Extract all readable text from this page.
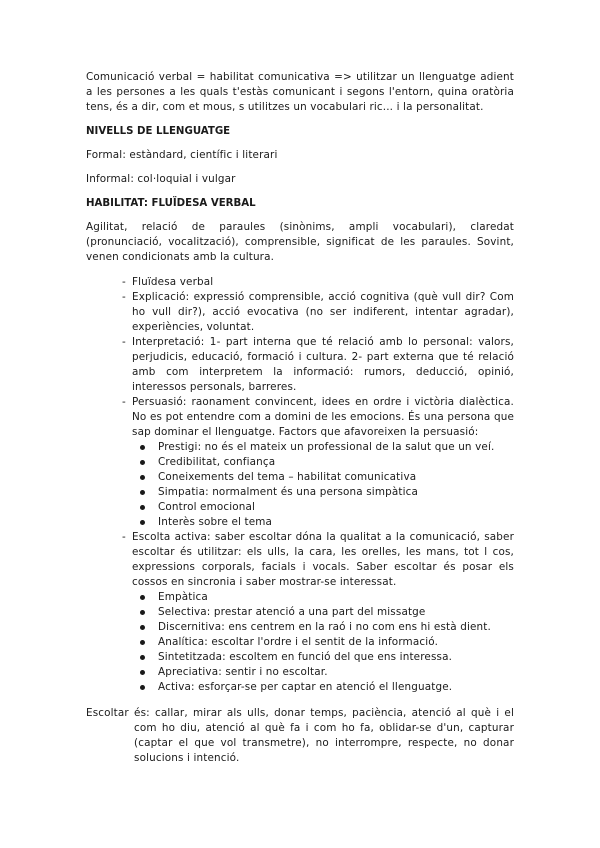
Comunicació verbal = habilitat comunicativa => utilitzar un llenguatge adient a les persones a les quals t'estàs comunicant i segons l'entorn, quina oratòria tens, és a dir, com et mous, s utilitzes un vocabulari ric... i la personalitat.

NIVELLS DE LLENGUATGE

Formal: estàndard, científic i literari

Informal: col·loquial i vulgar

HABILITAT: FLUÏDESA VERBAL

Agilitat, relació de paraules (sinònims, ampli vocabulari), claredat (pronunciació, vocalització), comprensible, significat de les paraules. Sovint, venen condicionats amb la cultura.

- Fluïdesa verbal
- Explicació: expressió comprensible, acció cognitiva (què vull dir? Com ho vull dir?), acció evocativa (no ser indiferent, intentar agradar), experiències, voluntat.
- Interpretació: 1- part interna que té relació amb lo personal: valors, perjudicis, educació, formació i cultura. 2- part externa que té relació amb com interpretem la informació: rumors, deducció, opinió, interessos personals, barreres.
- Persuasió: raonament convincent, idees en ordre i victòria dialèctica. No es pot entendre com a domini de les emocions. És una persona que sap dominar el llenguatge. Factors que afavoreixen la persuasió:
Prestigi: no és el mateix un professional de la salut que un veí.
Credibilitat, confiança
Coneixements del tema – habilitat comunicativa
Simpatia: normalment és una persona simpàtica
Control emocional
Interès sobre el tema
- Escolta activa: saber escoltar dóna la qualitat a la comunicació, saber escoltar és utilitzar: els ulls, la cara, les orelles, les mans, tot l cos, expressions corporals, facials i vocals. Saber escoltar és posar els cossos en sincronia i saber mostrar-se interessat.
Empàtica
Selectiva: prestar atenció a una part del missatge
Discernitiva: ens centrem en la raó i no com ens hi està dient.
Analítica: escoltar l'ordre i el sentit de la informació.
Sintetitzada: escoltem en funció del que ens interessa.
Apreciativa: sentir i no escoltar.
Activa: esforçar-se per captar en atenció el llenguatge.

Escoltar és: callar, mirar als ulls, donar temps, paciència, atenció al què i el com ho diu, atenció al què fa i com ho fa, oblidar-se d'un, capturar (captar el que vol transmetre), no interrompre, respecte, no donar solucions i intenció.
